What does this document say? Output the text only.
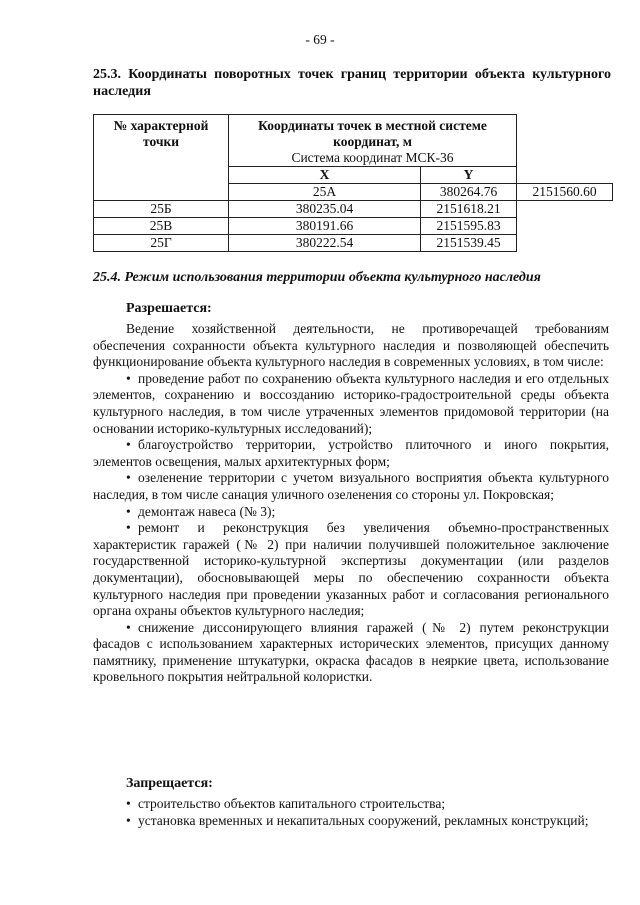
- 69 -
25.3. Координаты поворотных точек границ территории объекта культурного наследия
№ характерной точки	Координаты точек в местной системе координат, м
Система координат МСК-36		

	X	Y	
	25А	380264.76	2151560.60
25Б	380235.04	2151618.21	
25В	380191.66	2151595.83	
25Г	380222.54	2151539.45	
25.4. Режим использования территории объекта культурного наследия
Разрешается:

Ведение хозяйственной деятельности, не противоречащей требованиям обеспечения сохранности объекта культурного наследия и позволяющей обеспечить функционирование объекта культурного наследия в современных условиях, в том числе:

• проведение работ по сохранению объекта культурного наследия и его отдельных элементов, сохранению и воссозданию историко-градостроительной среды объекта культурного наследия, в том числе утраченных элементов придомовой территории (на основании историко-культурных исследований);

• благоустройство территории, устройство плиточного и иного покрытия, элементов освещения, малых архитектурных форм;

• озеленение территории с учетом визуального восприятия объекта культурного наследия, в том числе санация уличного озеленения со стороны ул. Покровская;

• демонтаж навеса (№ 3);

• ремонт и реконструкция без увеличения объемно-пространственных характеристик гаражей (№ 2) при наличии получившей положительное заключение государственной историко-культурной экспертизы документации (или разделов документации), обосновывающей меры по обеспечению сохранности объекта культурного наследия при проведении указанных работ и согласования регионального органа охраны объектов культурного наследия;

• снижение диссонирующего влияния гаражей (№ 2) путем реконструкции фасадов с использованием характерных исторических элементов, присущих данному памятнику, применение штукатурки, окраска фасадов в неяркие цвета, использование кровельного покрытия нейтральной колористки.

Запрещается:

• строительство объектов капитального строительства;

• установка временных и некапитальных сооружений, рекламных конструкций;
